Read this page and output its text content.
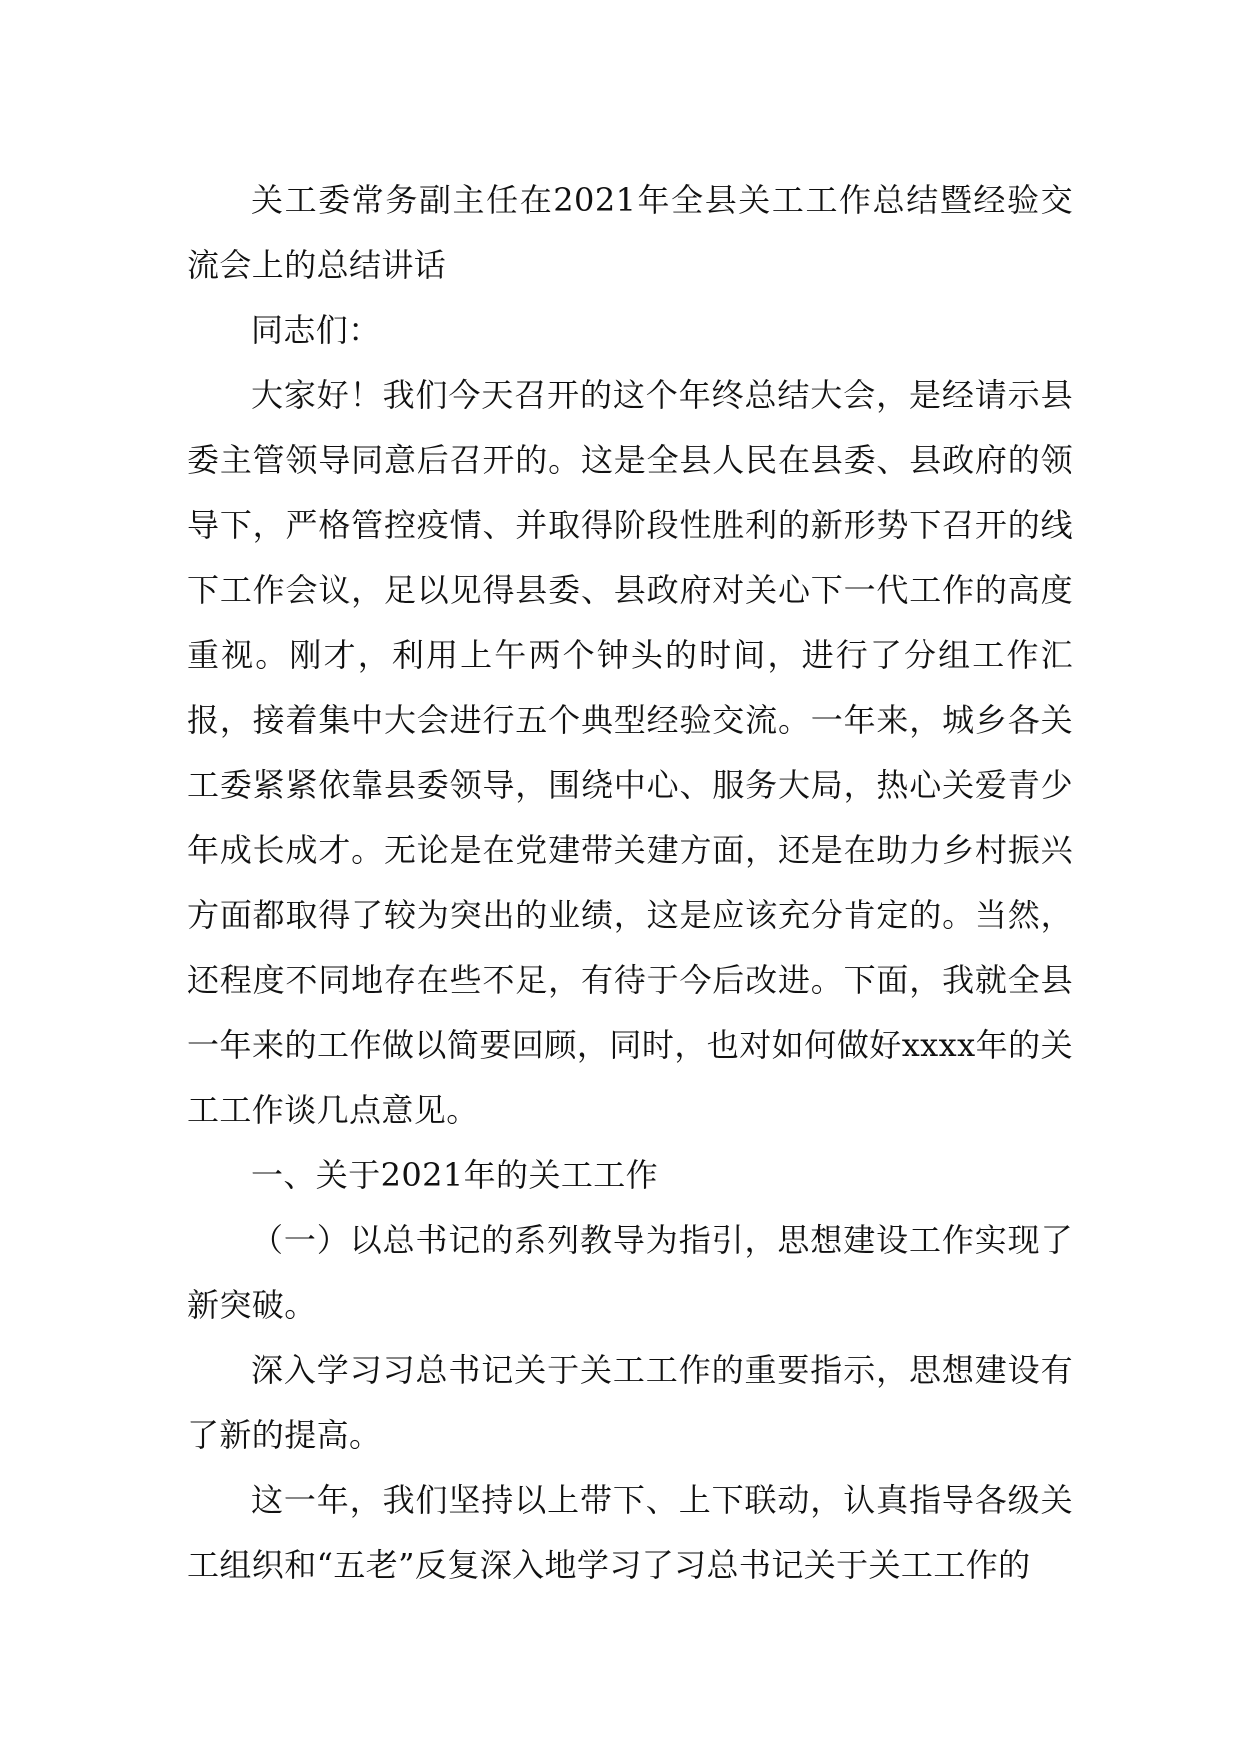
关工委常务副主任在2021年全县关工工作总结暨经验交流会上的总结讲话

同志们：

大家好！我们今天召开的这个年终总结大会，是经请示县委主管领导同意后召开的。这是全县人民在县委、县政府的领导下，严格管控疫情、并取得阶段性胜利的新形势下召开的线下工作会议，足以见得县委、县政府对关心下一代工作的高度重视。刚才，利用上午两个钟头的时间，进行了分组工作汇报，接着集中大会进行五个典型经验交流。一年来，城乡各关工委紧紧依靠县委领导，围绕中心、服务大局，热心关爱青少年成长成才。无论是在党建带关建方面，还是在助力乡村振兴方面都取得了较为突出的业绩，这是应该充分肯定的。当然，还程度不同地存在些不足，有待于今后改进。下面，我就全县一年来的工作做以简要回顾，同时，也对如何做好xxxx年的关工工作谈几点意见。

一、关于2021年的关工工作

（一）以总书记的系列教导为指引，思想建设工作实现了新突破。

深入学习习总书记关于关工工作的重要指示，思想建设有了新的提高。

这一年，我们坚持以上带下、上下联动，认真指导各级关工组织和“五老”反复深入地学习了习总书记关于关工工作的
